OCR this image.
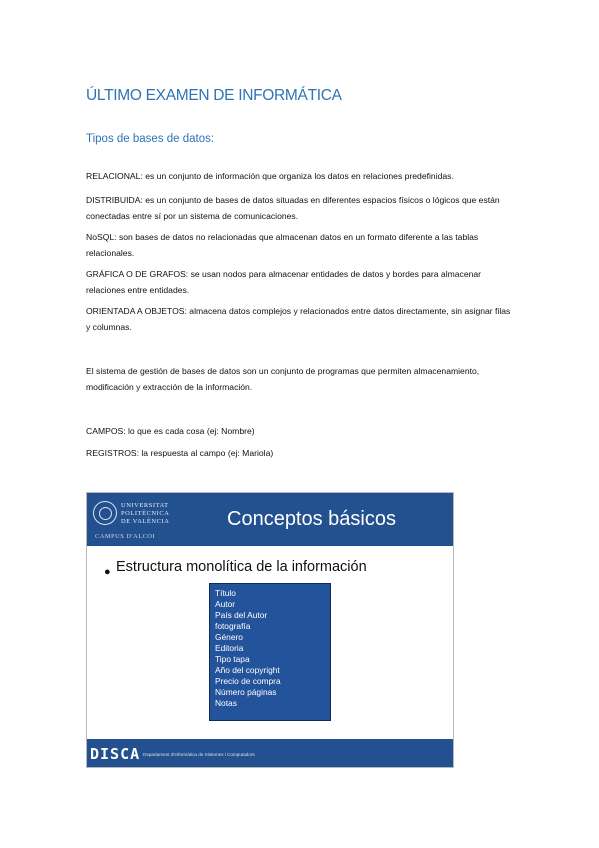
ÚLTIMO EXAMEN DE INFORMÁTICA
Tipos de bases de datos:
RELACIONAL: es un conjunto de información que organiza los datos en relaciones predefinidas.
DISTRIBUIDA: es un conjunto de bases de datos situadas en diferentes espacios físicos o lógicos que están conectadas entre sí por un sistema de comunicaciones.
NoSQL: son bases de datos no relacionadas que almacenan datos en un formato diferente a las tablas relacionales.
GRÁFICA O DE GRAFOS: se usan nodos para almacenar entidades de datos y bordes para almacenar relaciones entre entidades.
ORIENTADA A OBJETOS: almacena datos complejos y relacionados entre datos directamente, sin asignar filas y columnas.
El sistema de gestión de bases de datos son un conjunto de programas que permiten almacenamiento, modificación y extracción de la información.
CAMPOS: lo que es cada cosa (ej: Nombre)
REGISTROS: la respuesta al campo (ej: Mariola)
UNIVERSITAT
POLITÈCNICA
DE VALÈNCIA
CAMPUS D'ALCOI
Conceptos básicos
● Estructura monolítica de la información
Título
Autor
País del Autor
fotografía
Género
Editoria
Tipo tapa
Año del copyright
Precio de compra
Número páginas
Notas
DISCA Departament d'Informàtica de Sistemes i Computadors
